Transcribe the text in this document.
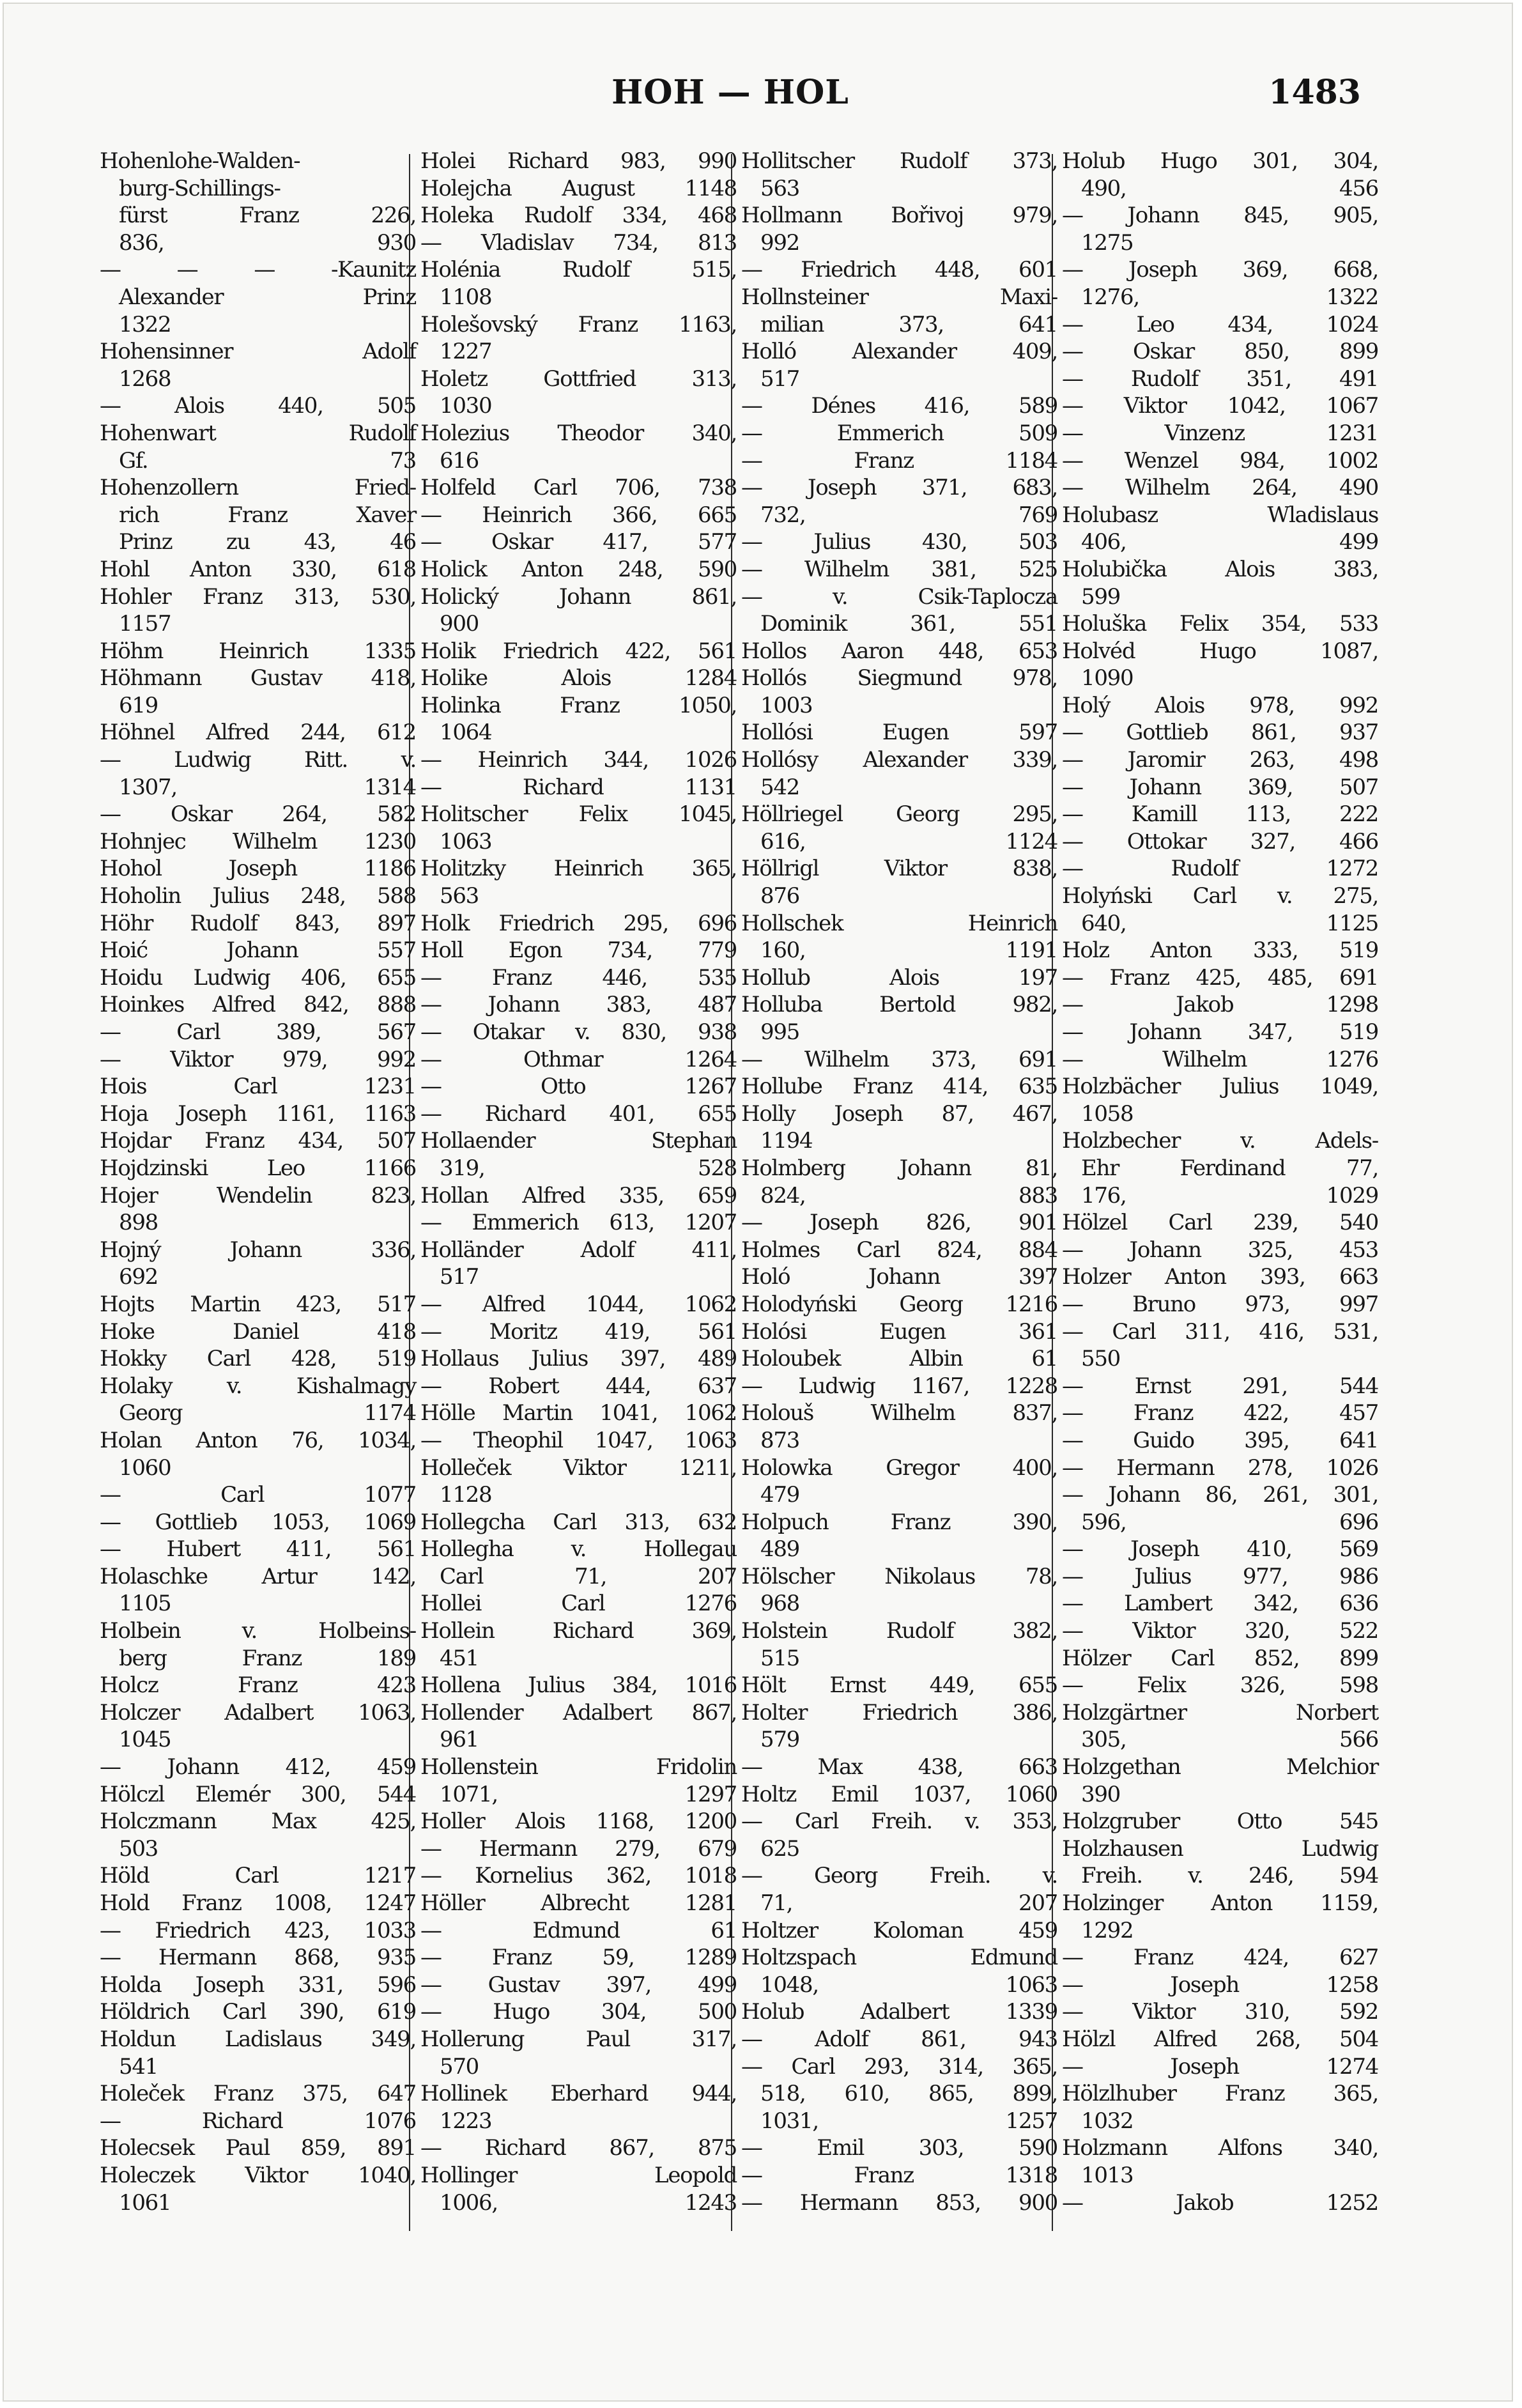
HOH — HOL	1483
Hohenlohe-Walden-
burg-Schillings-
fürst Franz 226,
836, 930
— — — -Kaunitz
Alexander Prinz
1322
Hohensinner Adolf
1268
— Alois 440, 505
Hohenwart Rudolf
Gf. 73
Hohenzollern Fried-
rich Franz Xaver
Prinz zu 43, 46
Hohl Anton 330, 618
Hohler Franz 313, 530,
1157
Höhm Heinrich 1335
Höhmann Gustav 418,
619
Höhnel Alfred 244, 612
— Ludwig Ritt. v.
1307, 1314
— Oskar 264, 582
Hohnjec Wilhelm 1230
Hohol Joseph 1186
Hoholin Julius 248, 588
Höhr Rudolf 843, 897
Hoić Johann 557
Hoidu Ludwig 406, 655
Hoinkes Alfred 842, 888
— Carl 389, 567
— Viktor 979, 992
Hois Carl 1231
Hoja Joseph 1161, 1163
Hojdar Franz 434, 507
Hojdzinski Leo 1166
Hojer Wendelin 823,
898
Hojný Johann 336,
692
Hojts Martin 423, 517
Hoke Daniel 418
Hokky Carl 428, 519
Holaky v. Kishalmagy
Georg 1174
Holan Anton 76, 1034,
1060
— Carl 1077
— Gottlieb 1053, 1069
— Hubert 411, 561
Holaschke Artur 142,
1105
Holbein v. Holbeins-
berg Franz 189
Holcz Franz 423
Holczer Adalbert 1063,
1045
— Johann 412, 459
Hölczl Elemér 300, 544
Holczmann Max 425,
503
Höld Carl 1217
Hold Franz 1008, 1247
— Friedrich 423, 1033
— Hermann 868, 935
Holda Joseph 331, 596
Höldrich Carl 390, 619
Holdun Ladislaus 349,
541
Holeček Franz 375, 647
— Richard 1076
Holecsek Paul 859, 891
Holeczek Viktor 1040,
1061
Holei Richard 983, 990
Holejcha August 1148
Holeka Rudolf 334, 468
— Vladislav 734, 813
Holénia Rudolf 515,
1108
Holešovský Franz 1163,
1227
Holetz Gottfried 313,
1030
Holezius Theodor 340,
616
Holfeld Carl 706, 738
— Heinrich 366, 665
— Oskar 417, 577
Holick Anton 248, 590
Holický Johann 861,
900
Holik Friedrich 422, 561
Holike Alois 1284
Holinka Franz 1050,
1064
— Heinrich 344, 1026
— Richard 1131
Holitscher Felix 1045,
1063
Holitzky Heinrich 365,
563
Holk Friedrich 295, 696
Holl Egon 734, 779
— Franz 446, 535
— Johann 383, 487
— Otakar v. 830, 938
— Othmar 1264
— Otto 1267
— Richard 401, 655
Hollaender Stephan
319, 528
Hollan Alfred 335, 659
— Emmerich 613, 1207
Holländer Adolf 411,
517
— Alfred 1044, 1062
— Moritz 419, 561
Hollaus Julius 397, 489
— Robert 444, 637
Hölle Martin 1041, 1062
— Theophil 1047, 1063
Holleček Viktor 1211,
1128
Hollegcha Carl 313, 632
Hollegha v. Hollegau
Carl 71, 207
Hollei Carl 1276
Hollein Richard 369,
451
Hollena Julius 384, 1016
Hollender Adalbert 867,
961
Hollenstein Fridolin
1071, 1297
Holler Alois 1168, 1200
— Hermann 279, 679
— Kornelius 362, 1018
Höller Albrecht 1281
— Edmund 61
— Franz 59, 1289
— Gustav 397, 499
— Hugo 304, 500
Hollerung Paul 317,
570
Hollinek Eberhard 944,
1223
— Richard 867, 875
Hollinger Leopold
1006, 1243
Hollitscher Rudolf 373,
563
Hollmann Bořivoj 979,
992
— Friedrich 448, 601
Hollnsteiner Maxi-
milian 373, 641
Holló Alexander 409,
517
— Dénes 416, 589
— Emmerich 509
— Franz 1184
— Joseph 371, 683,
732, 769
— Julius 430, 503
— Wilhelm 381, 525
— v. Csik-Taplocza
Dominik 361, 551
Hollos Aaron 448, 653
Hollós Siegmund 978,
1003
Hollósi Eugen 597
Hollósy Alexander 339,
542
Höllriegel Georg 295,
616, 1124
Höllrigl Viktor 838,
876
Hollschek Heinrich
160, 1191
Hollub Alois 197
Holluba Bertold 982,
995
— Wilhelm 373, 691
Hollube Franz 414, 635
Holly Joseph 87, 467,
1194
Holmberg Johann 81,
824, 883
— Joseph 826, 901
Holmes Carl 824, 884
Holó Johann 397
Holodyński Georg 1216
Holósi Eugen 361
Holoubek Albin 61
— Ludwig 1167, 1228
Holouš Wilhelm 837,
873
Holowka Gregor 400,
479
Holpuch Franz 390,
489
Hölscher Nikolaus 78,
968
Holstein Rudolf 382,
515
Hölt Ernst 449, 655
Holter Friedrich 386,
579
— Max 438, 663
Holtz Emil 1037, 1060
— Carl Freih. v. 353,
625
— Georg Freih. v.
71, 207
Holtzer Koloman 459
Holtzspach Edmund
1048, 1063
Holub Adalbert 1339
— Adolf 861, 943
— Carl 293, 314, 365,
518, 610, 865, 899,
1031, 1257
— Emil 303, 590
— Franz 1318
— Hermann 853, 900
Holub Hugo 301, 304,
490, 456
— Johann 845, 905,
1275
— Joseph 369, 668,
1276, 1322
— Leo 434, 1024
— Oskar 850, 899
— Rudolf 351, 491
— Viktor 1042, 1067
— Vinzenz 1231
— Wenzel 984, 1002
— Wilhelm 264, 490
Holubasz Wladislaus
406, 499
Holubička Alois 383,
599
Holuška Felix 354, 533
Holvéd Hugo 1087,
1090
Holý Alois 978, 992
— Gottlieb 861, 937
— Jaromir 263, 498
— Johann 369, 507
— Kamill 113, 222
— Ottokar 327, 466
— Rudolf 1272
Holyński Carl v. 275,
640, 1125
Holz Anton 333, 519
— Franz 425, 485, 691
— Jakob 1298
— Johann 347, 519
— Wilhelm 1276
Holzbächer Julius 1049,
1058
Holzbecher v. Adels-
Ehr Ferdinand 77,
176, 1029
Hölzel Carl 239, 540
— Johann 325, 453
Holzer Anton 393, 663
— Bruno 973, 997
— Carl 311, 416, 531,
550
— Ernst 291, 544
— Franz 422, 457
— Guido 395, 641
— Hermann 278, 1026
— Johann 86, 261, 301,
596, 696
— Joseph 410, 569
— Julius 977, 986
— Lambert 342, 636
— Viktor 320, 522
Hölzer Carl 852, 899
— Felix 326, 598
Holzgärtner Norbert
305, 566
Holzgethan Melchior
390
Holzgruber Otto 545
Holzhausen Ludwig
Freih. v. 246, 594
Holzinger Anton 1159,
1292
— Franz 424, 627
— Joseph 1258
— Viktor 310, 592
Hölzl Alfred 268, 504
— Joseph 1274
Hölzlhuber Franz 365,
1032
Holzmann Alfons 340,
1013
— Jakob 1252
